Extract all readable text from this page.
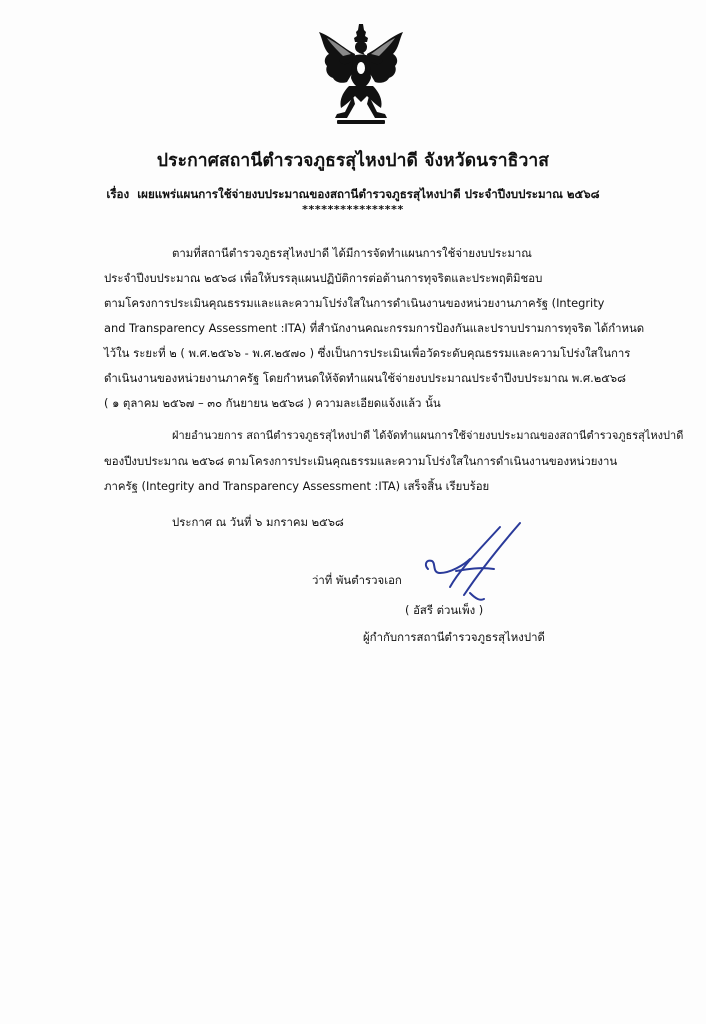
ประกาศสถานีตำรวจภูธรสุไหงปาดี จังหวัดนราธิวาส
เรื่อง เผยแพร่แผนการใช้จ่ายงบประมาณของสถานีตำรวจภูธรสุไหงปาดี ประจำปีงบประมาณ ๒๕๖๘
****************
ตามที่สถานีตำรวจภูธรสุไหงปาดี ได้มีการจัดทำแผนการใช้จ่ายงบประมาณ
ประจำปีงบประมาณ ๒๕๖๘ เพื่อให้บรรลุแผนปฏิบัติการต่อต้านการทุจริตและประพฤติมิชอบ
ตามโครงการประเมินคุณธรรมและและความโปร่งใสในการดำเนินงานของหน่วยงานภาครัฐ (Integrity
and Transparency Assessment :ITA) ที่สำนักงานคณะกรรมการป้องกันและปราบปรามการทุจริต ได้กำหนด
ไว้ใน ระยะที่ ๒ ( พ.ศ.๒๕๖๖ - พ.ศ.๒๕๗๐ ) ซึ่งเป็นการประเมินเพื่อวัดระดับคุณธรรมและความโปร่งใสในการ
ดำเนินงานของหน่วยงานภาครัฐ โดยกำหนดให้จัดทำแผนใช้จ่ายงบประมาณประจำปีงบประมาณ พ.ศ.๒๕๖๘
( ๑ ตุลาคม ๒๕๖๗ – ๓๐ กันยายน ๒๕๖๘ ) ความละเอียดแจ้งแล้ว นั้น
ฝ่ายอำนวยการ สถานีตำรวจภูธรสุไหงปาดี ได้จัดทำแผนการใช้จ่ายงบประมาณของสถานีตำรวจภูธรสุไหงปาดี
ของปีงบประมาณ ๒๕๖๘ ตามโครงการประเมินคุณธรรมและความโปร่งใสในการดำเนินงานของหน่วยงาน
ภาครัฐ (Integrity and Transparency Assessment :ITA) เสร็จสิ้น เรียบร้อย
ประกาศ ณ วันที่ ๖ มกราคม ๒๕๖๘
ว่าที่ พันตำรวจเอก
( อัสรี ต่วนเพ็ง )
ผู้กำกับการสถานีตำรวจภูธรสุไหงปาดี
